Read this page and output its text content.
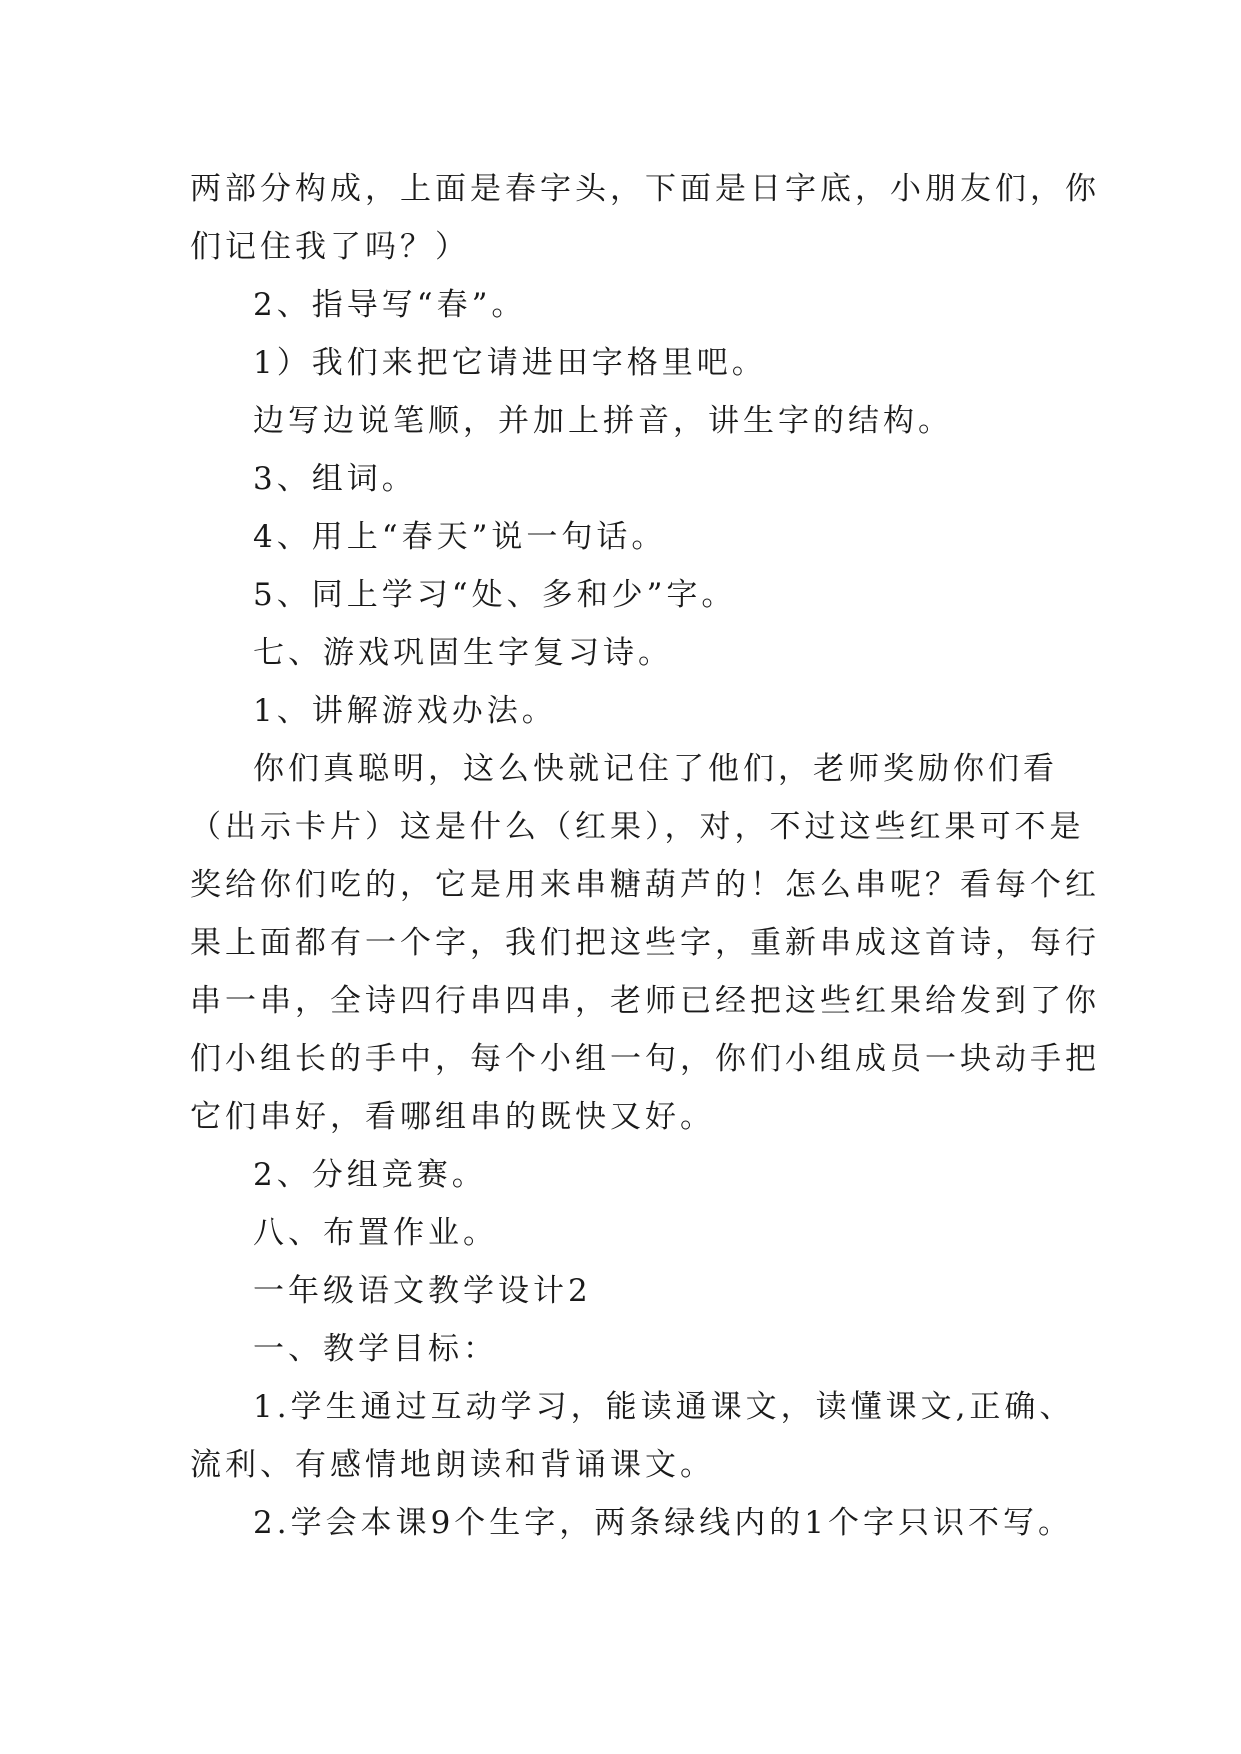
两部分构成，上面是春字头，下面是日字底，小朋友们，你
们记住我了吗？）
2、指导写“春”。
1）我们来把它请进田字格里吧。
边写边说笔顺，并加上拼音，讲生字的结构。
3、组词。
4、用上“春天”说一句话。
5、同上学习“处、多和少”字。
七、游戏巩固生字复习诗。
1、讲解游戏办法。
你们真聪明，这么快就记住了他们，老师奖励你们看
（出示卡片）这是什么（红果），对，不过这些红果可不是
奖给你们吃的，它是用来串糖葫芦的！怎么串呢？看每个红
果上面都有一个字，我们把这些字，重新串成这首诗，每行
串一串，全诗四行串四串，老师已经把这些红果给发到了你
们小组长的手中，每个小组一句，你们小组成员一块动手把
它们串好，看哪组串的既快又好。
2、分组竞赛。
八、布置作业。
一年级语文教学设计2
一、教学目标：
1.学生通过互动学习，能读通课文，读懂课文,正确、
流利、有感情地朗读和背诵课文。
2.学会本课9个生字，两条绿线内的1个字只识不写。
